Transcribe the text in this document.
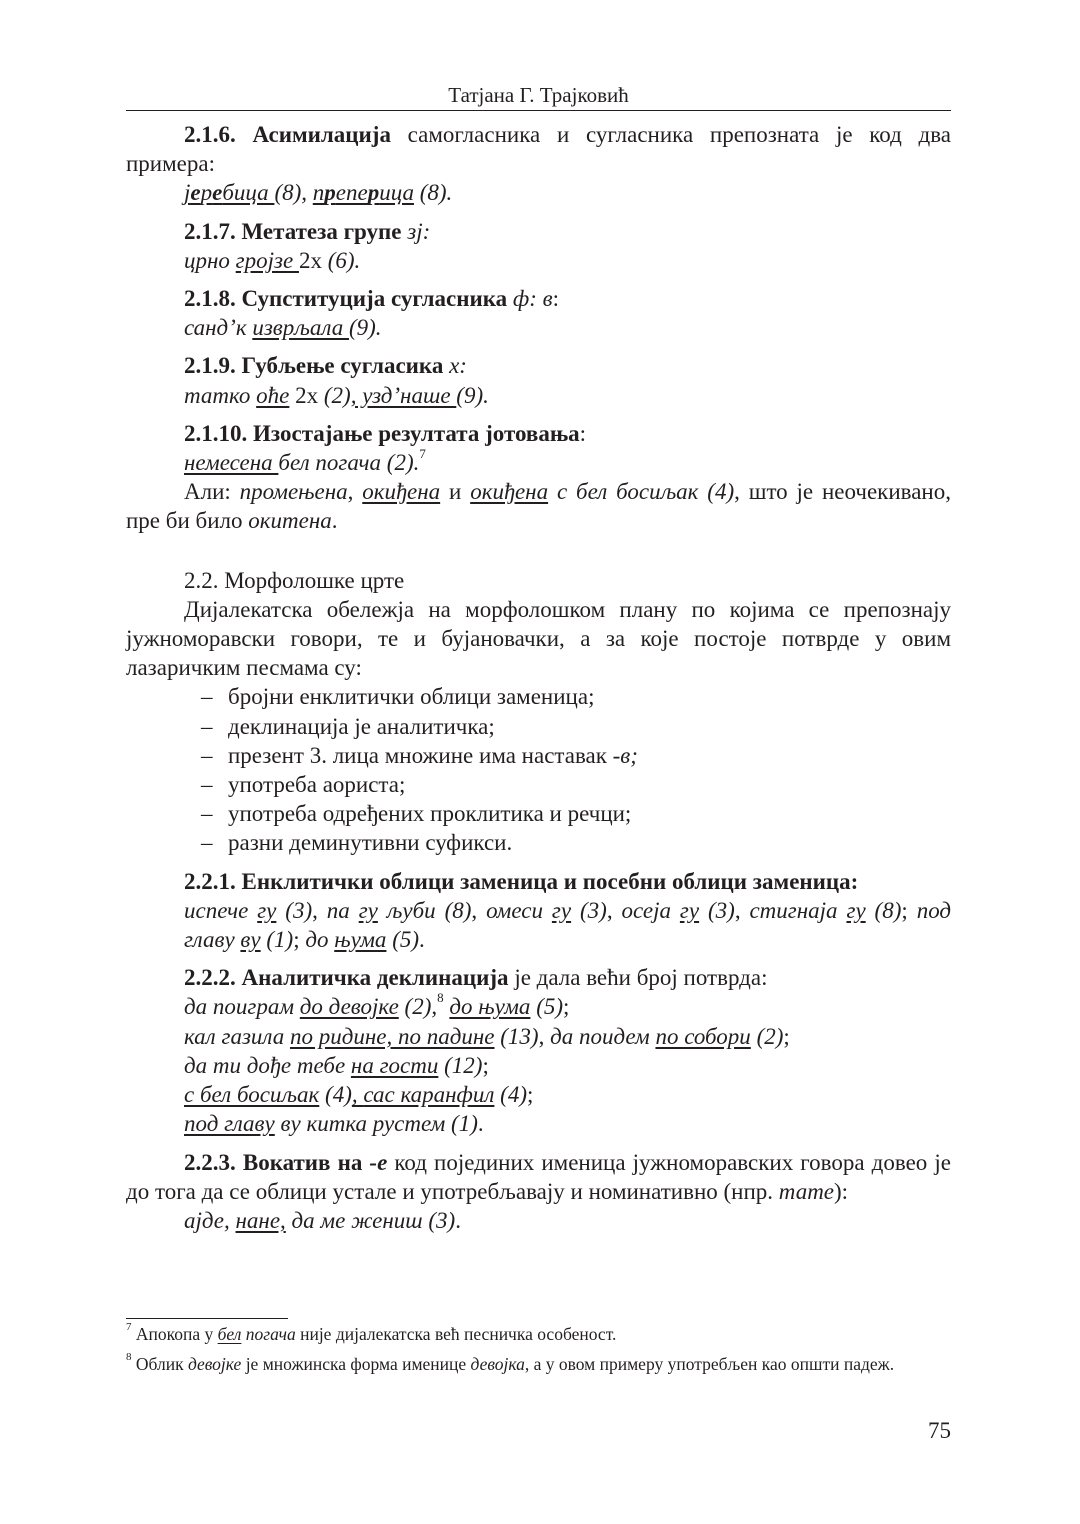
Татјана Г. Трајковић

2.1.6. Асимилација самогласника и сугласника препозната је код два примера:

јеребица (8), преперица (8).

2.1.7. Метатеза групе зј:

црно гројзе 2х (6).

2.1.8. Супституција сугласника ф: в:

санд’к изврљала (9).

2.1.9. Губљење сугласика х:

татко оће 2х (2), узд’наше (9).

2.1.10. Изостајање резултата јотовања:

немесена бел погача (2).$^7$

Али: промењена, окиђена и окиђена с бел босиљак (4), што је неочекивано, пре би било окитена.

2.2. Морфолошке црте

Дијалекатска обележја на морфолошком плану по којима се препознају јужноморавски говори, те и бујановачки, а за које постоје потврде у овим лазаричким песмама су:

– бројни енклитички облици заменица;
– деклинација је аналитичка;
– презент 3. лица множине има наставак -в;
– употреба аориста;
– употреба одређених проклитика и речци;
– разни деминутивни суфикси.

2.2.1. Енклитички облици заменица и посебни облици заменица:

испече гу (3), па гу љуби (8), омеси гу (3), осеја гу (3), стигнаја гу (8); под главу ву (1); до њума (5).

2.2.2. Аналитичка деклинација је дала већи број потврда:

да поиграм до девојке (2),$^8$ до њума (5);

кал газила по ридине, по падине (13), да поидем по собори (2);

да ти дође тебе на гости (12);

с бел босиљак (4), сас каранфил (4);

под главу ву китка рустем (1).

2.2.3. Вокатив на -е код појединих именица јужноморавских говора довео је до тога да се облици устале и употребљавају и номинативно (нпр. тате):

ајде, нане, да ме жениш (3).

$^7$ Апокопа у бел погача није дијалекатска већ песничка особеност.

$^8$ Облик девојке је множинска форма именице девојка, а у овом примеру употребљен као општи падеж.

75
